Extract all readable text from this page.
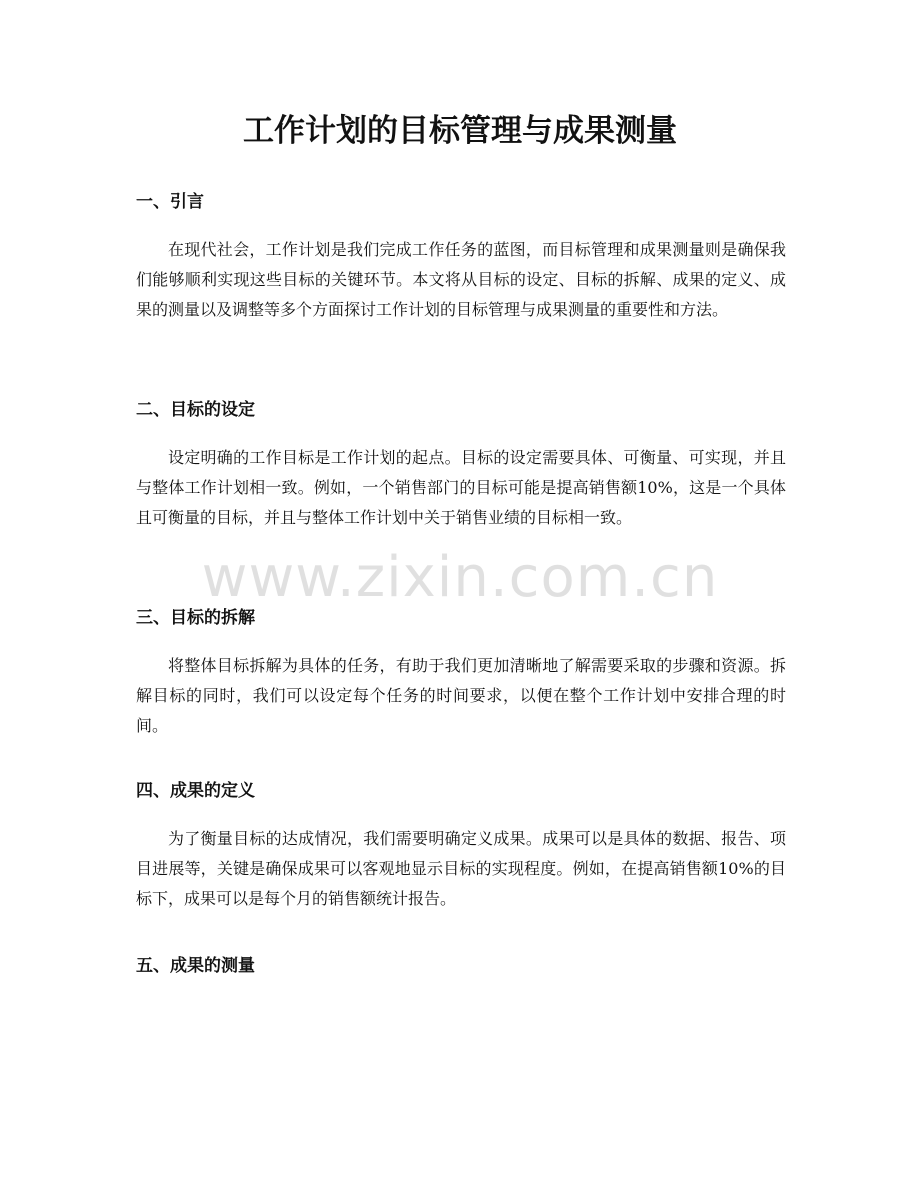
工作计划的目标管理与成果测量
一、引言

在现代社会，工作计划是我们完成工作任务的蓝图，而目标管理和成果测量则是确保我们能够顺利实现这些目标的关键环节。本文将从目标的设定、目标的拆解、成果的定义、成果的测量以及调整等多个方面探讨工作计划的目标管理与成果测量的重要性和方法。

二、目标的设定

设定明确的工作目标是工作计划的起点。目标的设定需要具体、可衡量、可实现，并且与整体工作计划相一致。例如，一个销售部门的目标可能是提高销售额10%，这是一个具体且可衡量的目标，并且与整体工作计划中关于销售业绩的目标相一致。

三、目标的拆解

将整体目标拆解为具体的任务，有助于我们更加清晰地了解需要采取的步骤和资源。拆解目标的同时，我们可以设定每个任务的时间要求，以便在整个工作计划中安排合理的时间。

四、成果的定义

为了衡量目标的达成情况，我们需要明确定义成果。成果可以是具体的数据、报告、项目进展等，关键是确保成果可以客观地显示目标的实现程度。例如，在提高销售额10%的目标下，成果可以是每个月的销售额统计报告。

五、成果的测量
www.zixin.com.cn
